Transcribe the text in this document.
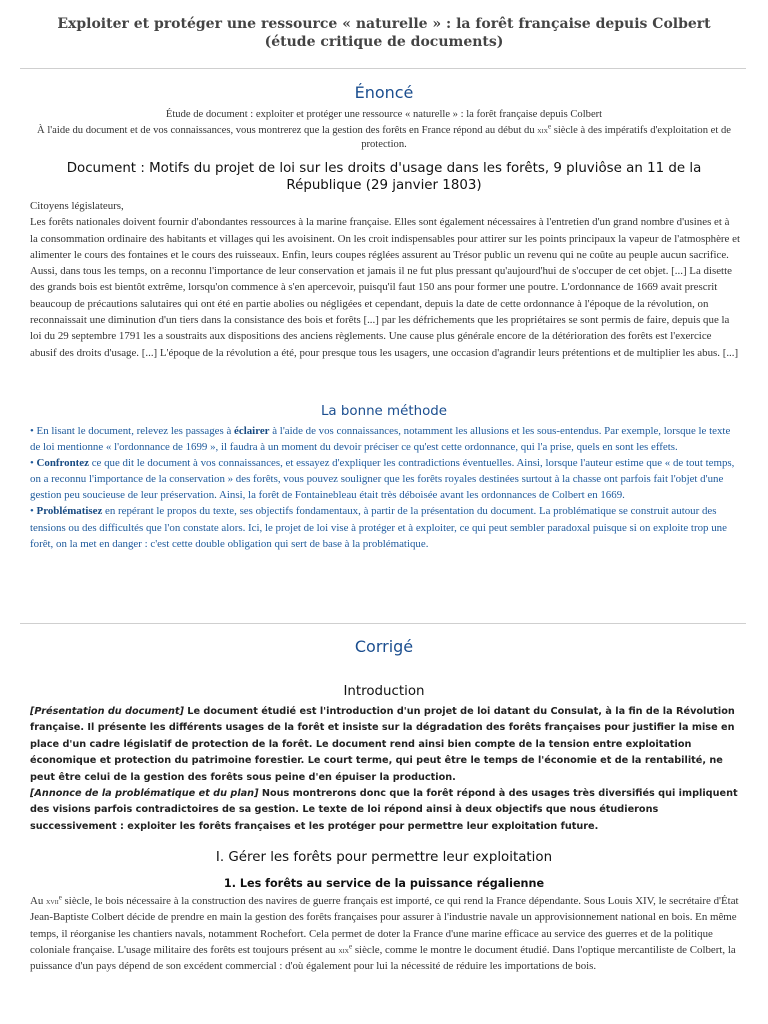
Exploiter et protéger une ressource « naturelle » : la forêt française depuis Colbert (étude critique de documents)
Énoncé
Étude de document : exploiter et protéger une ressource « naturelle » : la forêt française depuis Colbert
À l'aide du document et de vos connaissances, vous montrerez que la gestion des forêts en France répond au début du xix$^e$ siècle à des impératifs d'exploitation et de protection.
Document : Motifs du projet de loi sur les droits d'usage dans les forêts, 9 pluviôse an 11 de la République (29 janvier 1803)

Citoyens législateurs,

Les forêts nationales doivent fournir d'abondantes ressources à la marine française. Elles sont également nécessaires à l'entretien d'un grand nombre d'usines et à la consommation ordinaire des habitants et villages qui les avoisinent. On les croit indispensables pour attirer sur les points principaux la vapeur de l'atmosphère et alimenter le cours des fontaines et le cours des ruisseaux. Enfin, leurs coupes réglées assurent au Trésor public un revenu qui ne coûte au peuple aucun sacrifice. Aussi, dans tous les temps, on a reconnu l'importance de leur conservation et jamais il ne fut plus pressant qu'aujourd'hui de s'occuper de cet objet. [...] La disette des grands bois est bientôt extrême, lorsqu'on commence à s'en apercevoir, puisqu'il faut 150 ans pour former une poutre. L'ordonnance de 1669 avait prescrit beaucoup de précautions salutaires qui ont été en partie abolies ou négligées et cependant, depuis la date de cette ordonnance à l'époque de la révolution, on reconnaissait une diminution d'un tiers dans la consistance des bois et forêts [...] par les défrichements que les propriétaires se sont permis de faire, depuis que la loi du 29 septembre 1791 les a soustraits aux dispositions des anciens règlements. Une cause plus générale encore de la détérioration des forêts est l'exercice abusif des droits d'usage. [...] L'époque de la révolution a été, pour presque tous les usagers, une occasion d'agrandir leurs prétentions et de multiplier les abus. [...]

La bonne méthode

• En lisant le document, relevez les passages à éclairer à l'aide de vos connaissances, notamment les allusions et les sous-entendus. Par exemple, lorsque le texte de loi mentionne « l'ordonnance de 1699 », il faudra à un moment du devoir préciser ce qu'est cette ordonnance, qui l'a prise, quels en sont les effets.

• Confrontez ce que dit le document à vos connaissances, et essayez d'expliquer les contradictions éventuelles. Ainsi, lorsque l'auteur estime que « de tout temps, on a reconnu l'importance de la conservation » des forêts, vous pouvez souligner que les forêts royales destinées surtout à la chasse ont parfois fait l'objet d'une gestion peu soucieuse de leur préservation. Ainsi, la forêt de Fontainebleau était très déboisée avant les ordonnances de Colbert en 1669.

• Problématisez en repérant le propos du texte, ses objectifs fondamentaux, à partir de la présentation du document. La problématique se construit autour des tensions ou des difficultés que l'on constate alors. Ici, le projet de loi vise à protéger et à exploiter, ce qui peut sembler paradoxal puisque si on exploite trop une forêt, on la met en danger : c'est cette double obligation qui sert de base à la problématique.

Corrigé
Introduction

[Présentation du document] Le document étudié est l'introduction d'un projet de loi datant du Consulat, à la fin de la Révolution française. Il présente les différents usages de la forêt et insiste sur la dégradation des forêts françaises pour justifier la mise en place d'un cadre législatif de protection de la forêt. Le document rend ainsi bien compte de la tension entre exploitation économique et protection du patrimoine forestier. Le court terme, qui peut être le temps de l'économie et de la rentabilité, ne peut être celui de la gestion des forêts sous peine d'en épuiser la production.

[Annonce de la problématique et du plan] Nous montrerons donc que la forêt répond à des usages très diversifiés qui impliquent des visions parfois contradictoires de sa gestion. Le texte de loi répond ainsi à deux objectifs que nous étudierons successivement : exploiter les forêts françaises et les protéger pour permettre leur exploitation future.

I. Gérer les forêts pour permettre leur exploitation
1. Les forêts au service de la puissance régalienne

Au xvii$^e$ siècle, le bois nécessaire à la construction des navires de guerre français est importé, ce qui rend la France dépendante. Sous Louis XIV, le secrétaire d'État Jean-Baptiste Colbert décide de prendre en main la gestion des forêts françaises pour assurer à l'industrie navale un approvisionnement national en bois. En même temps, il réorganise les chantiers navals, notamment Rochefort. Cela permet de doter la France d'une marine efficace au service des guerres et de la politique coloniale française. L'usage militaire des forêts est toujours présent au xix$^e$ siècle, comme le montre le document étudié. Dans l'optique mercantiliste de Colbert, la puissance d'un pays dépend de son excédent commercial : d'où également pour lui la nécessité de réduire les importations de bois.
